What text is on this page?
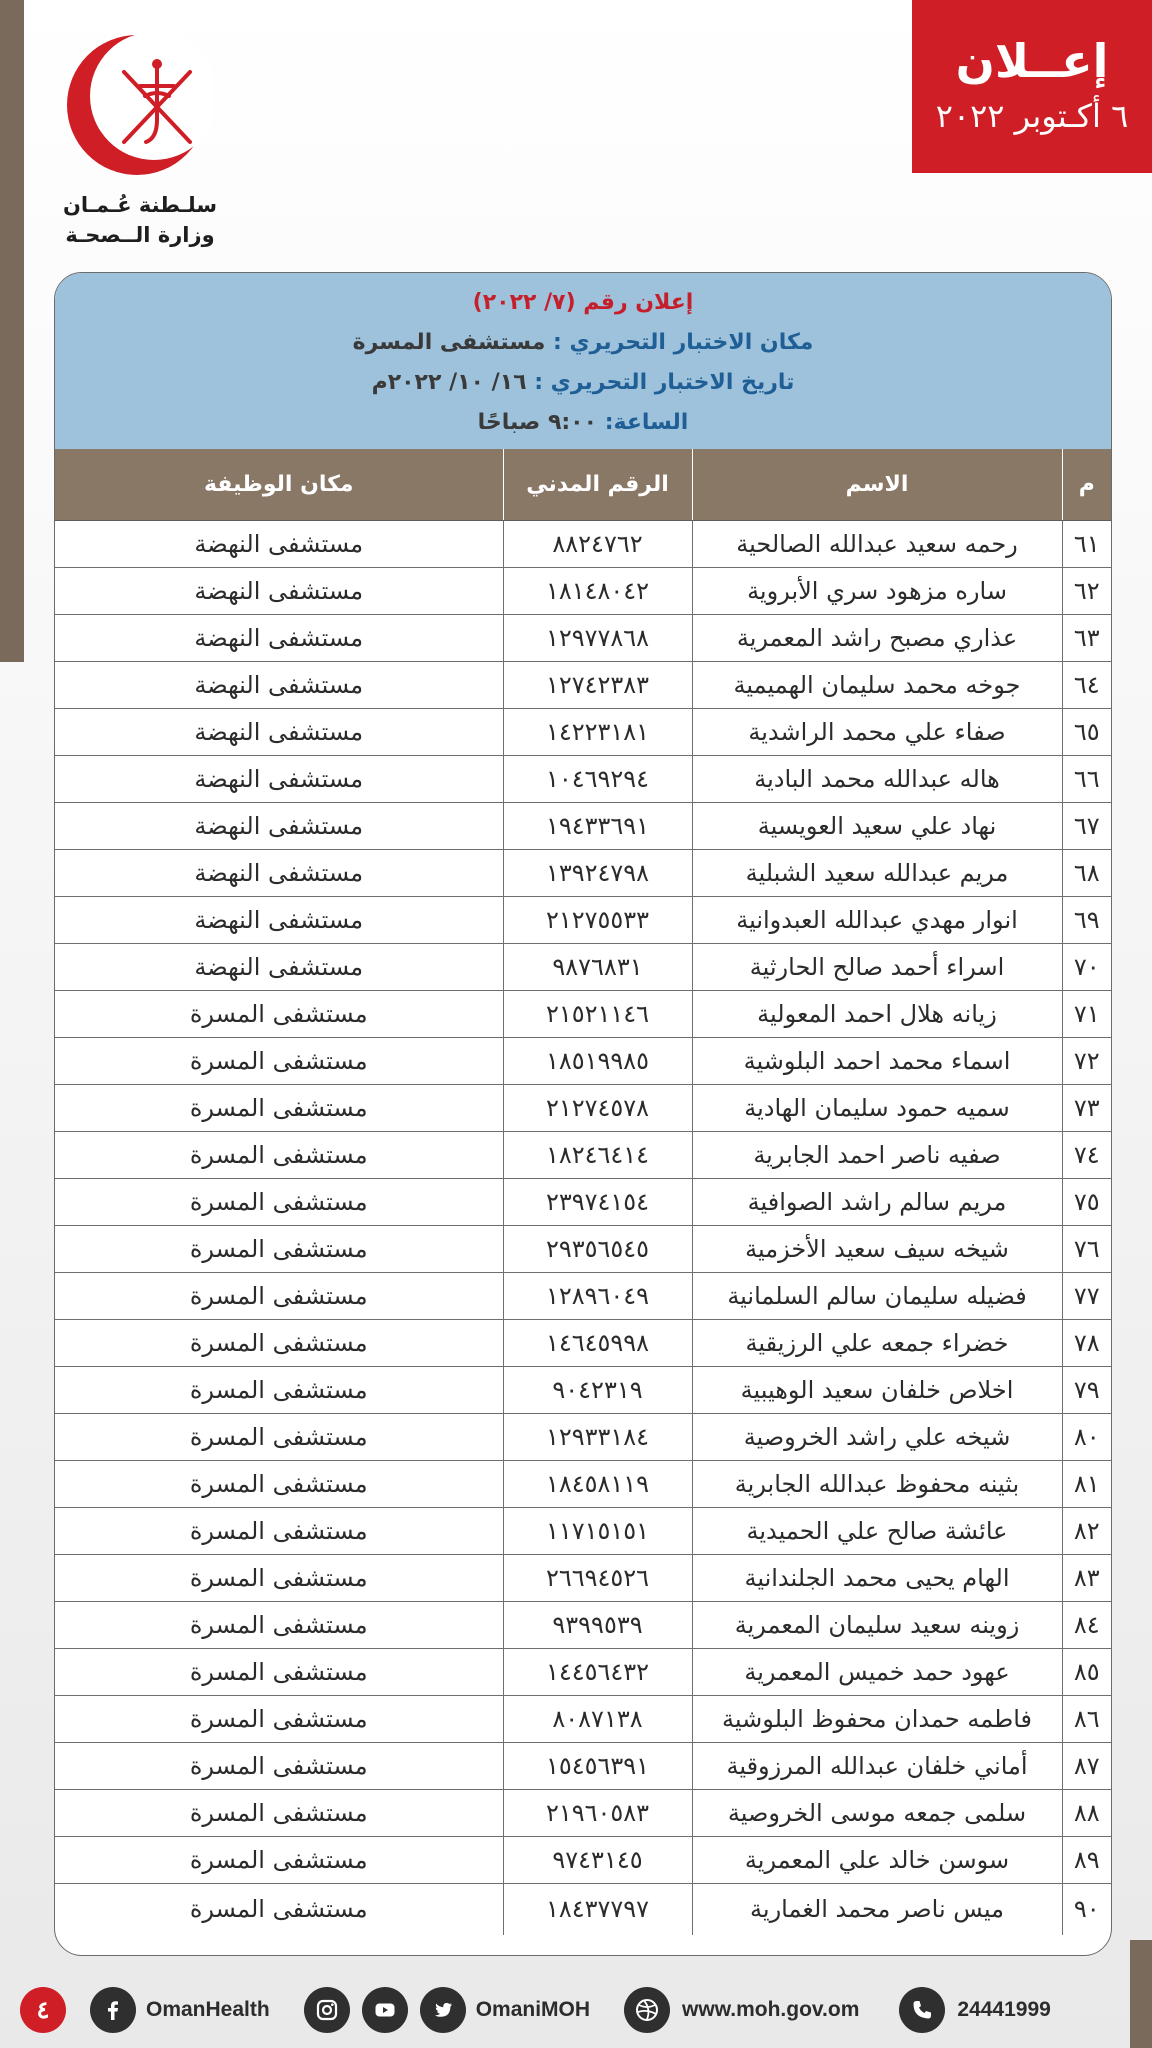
سلـطنة عُـمـان
وزارة الــصحـة
إعــلان
٦ أكـتوبر ٢٠٢٢
إعلان رقم (٧/ ٢٠٢٢)
مكان الاختبار التحريري : مستشفى المسرة
تاريخ الاختبار التحريري : ١٦/ ١٠/ ٢٠٢٢م
الساعة: ٩:٠٠ صباحًا
م	الاسم	الرقم المدني	مكان الوظيفة
٦١	رحمه سعيد عبدالله الصالحية	٨٨٢٤٧٦٢	مستشفى النهضة
٦٢	ساره مزهود سري الأبروية	١٨١٤٨٠٤٢	مستشفى النهضة
٦٣	عذاري مصبح راشد المعمرية	١٢٩٧٧٨٦٨	مستشفى النهضة
٦٤	جوخه محمد سليمان الهميمية	١٢٧٤٢٣٨٣	مستشفى النهضة
٦٥	صفاء علي محمد الراشدية	١٤٢٢٣١٨١	مستشفى النهضة
٦٦	هاله عبدالله محمد البادية	١٠٤٦٩٢٩٤	مستشفى النهضة
٦٧	نهاد علي سعيد العويسية	١٩٤٣٣٦٩١	مستشفى النهضة
٦٨	مريم عبدالله سعيد الشبلية	١٣٩٢٤٧٩٨	مستشفى النهضة
٦٩	انوار مهدي عبدالله العبدوانية	٢١٢٧٥٥٣٣	مستشفى النهضة
٧٠	اسراء أحمد صالح الحارثية	٩٨٧٦٨٣١	مستشفى النهضة
٧١	زيانه هلال احمد المعولية	٢١٥٢١١٤٦	مستشفى المسرة
٧٢	اسماء محمد احمد البلوشية	١٨٥١٩٩٨٥	مستشفى المسرة
٧٣	سميه حمود سليمان الهادية	٢١٢٧٤٥٧٨	مستشفى المسرة
٧٤	صفيه ناصر احمد الجابرية	١٨٢٤٦٤١٤	مستشفى المسرة
٧٥	مريم سالم راشد الصوافية	٢٣٩٧٤١٥٤	مستشفى المسرة
٧٦	شيخه سيف سعيد الأخزمية	٢٩٣٥٦٥٤٥	مستشفى المسرة
٧٧	فضيله سليمان سالم السلمانية	١٢٨٩٦٠٤٩	مستشفى المسرة
٧٨	خضراء جمعه علي الرزيقية	١٤٦٤٥٩٩٨	مستشفى المسرة
٧٩	اخلاص خلفان سعيد الوهيبية	٩٠٤٢٣١٩	مستشفى المسرة
٨٠	شيخه علي راشد الخروصية	١٢٩٣٣١٨٤	مستشفى المسرة
٨١	بثينه محفوظ عبدالله الجابرية	١٨٤٥٨١١٩	مستشفى المسرة
٨٢	عائشة صالح علي الحميدية	١١٧١٥١٥١	مستشفى المسرة
٨٣	الهام يحيى محمد الجلندانية	٢٦٦٩٤٥٢٦	مستشفى المسرة
٨٤	زوينه سعيد سليمان المعمرية	٩٣٩٩٥٣٩	مستشفى المسرة
٨٥	عهود حمد خميس المعمرية	١٤٤٥٦٤٣٢	مستشفى المسرة
٨٦	فاطمه حمدان محفوظ البلوشية	٨٠٨٧١٣٨	مستشفى المسرة
٨٧	أماني خلفان عبدالله المرزوقية	١٥٤٥٦٣٩١	مستشفى المسرة
٨٨	سلمى جمعه موسى الخروصية	٢١٩٦٠٥٨٣	مستشفى المسرة
٨٩	سوسن خالد علي المعمرية	٩٧٤٣١٤٥	مستشفى المسرة
٩٠	ميس ناصر محمد الغمارية	١٨٤٣٧٧٩٧	مستشفى المسرة
٤	OmanHealth	OmaniMOH	www.moh.gov.om	24441999
